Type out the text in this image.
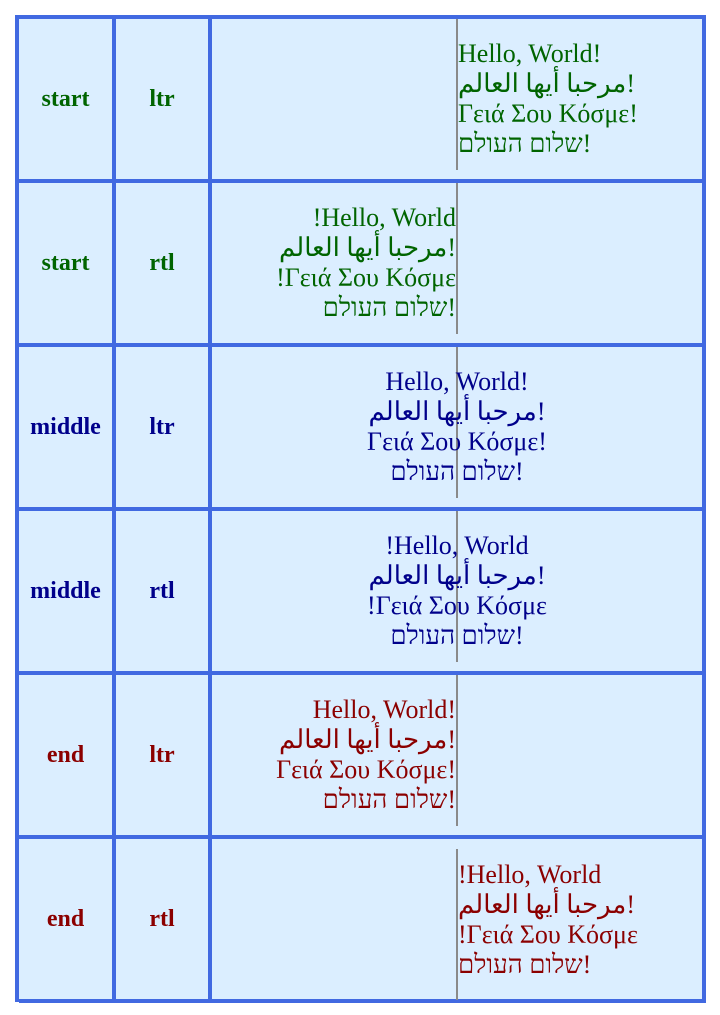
start	ltr
Hello, World!
مرحبا أيها العالم!
Γειά Σου Κόσμε!
שלום העולם!
start	rtl
!Hello, World
مرحبا أيها العالم!
!Γειά Σου Κόσμε
שלום העולם!
middle	ltr
Hello, World!
مرحبا أيها العالم!
Γειά Σου Κόσμε!
שלום העולם!
middle	rtl
!Hello, World
مرحبا أيها العالم!
!Γειά Σου Κόσμε
שלום העולם!
end	ltr
Hello, World!
مرحبا أيها العالم!
Γειά Σου Κόσμε!
שלום העולם!
end	rtl
!Hello, World
مرحبا أيها العالم!
!Γειά Σου Κόσμε
שלום העולם!
